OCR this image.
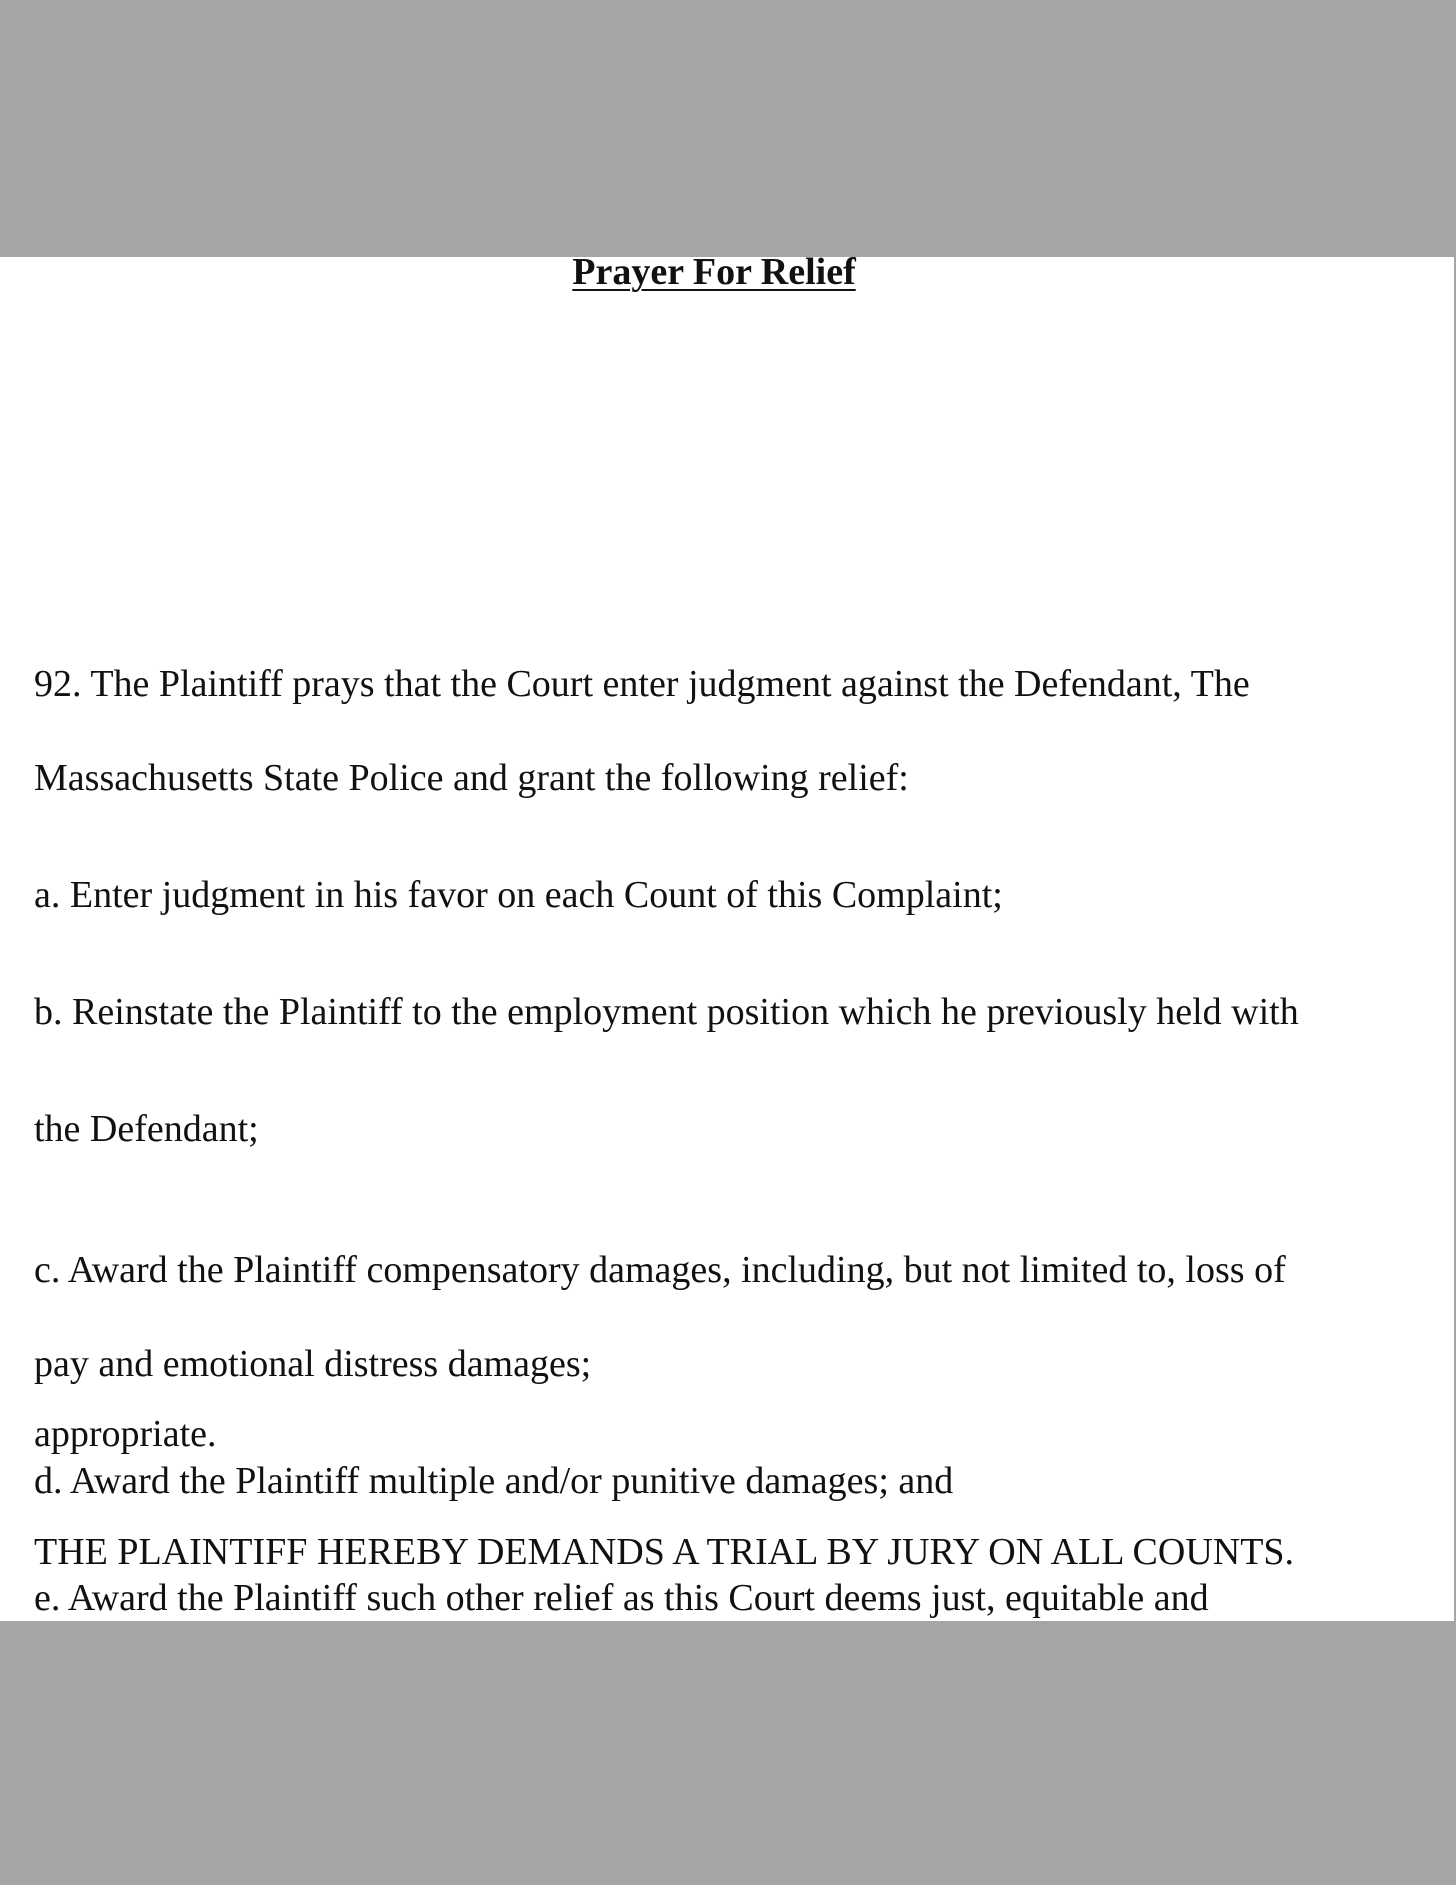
Prayer For Relief
92. The Plaintiff prays that the Court enter judgment against the Defendant, The
Massachusetts State Police and grant the following relief:
a. Enter judgment in his favor on each Count of this Complaint;
b. Reinstate the Plaintiff to the employment position which he previously held with
the Defendant;
c. Award the Plaintiff compensatory damages, including, but not limited to, loss of
pay and emotional distress damages;
d. Award the Plaintiff multiple and/or punitive damages; and
e. Award the Plaintiff such other relief as this Court deems just, equitable and
appropriate.
THE PLAINTIFF HEREBY DEMANDS A TRIAL BY JURY ON ALL COUNTS.
